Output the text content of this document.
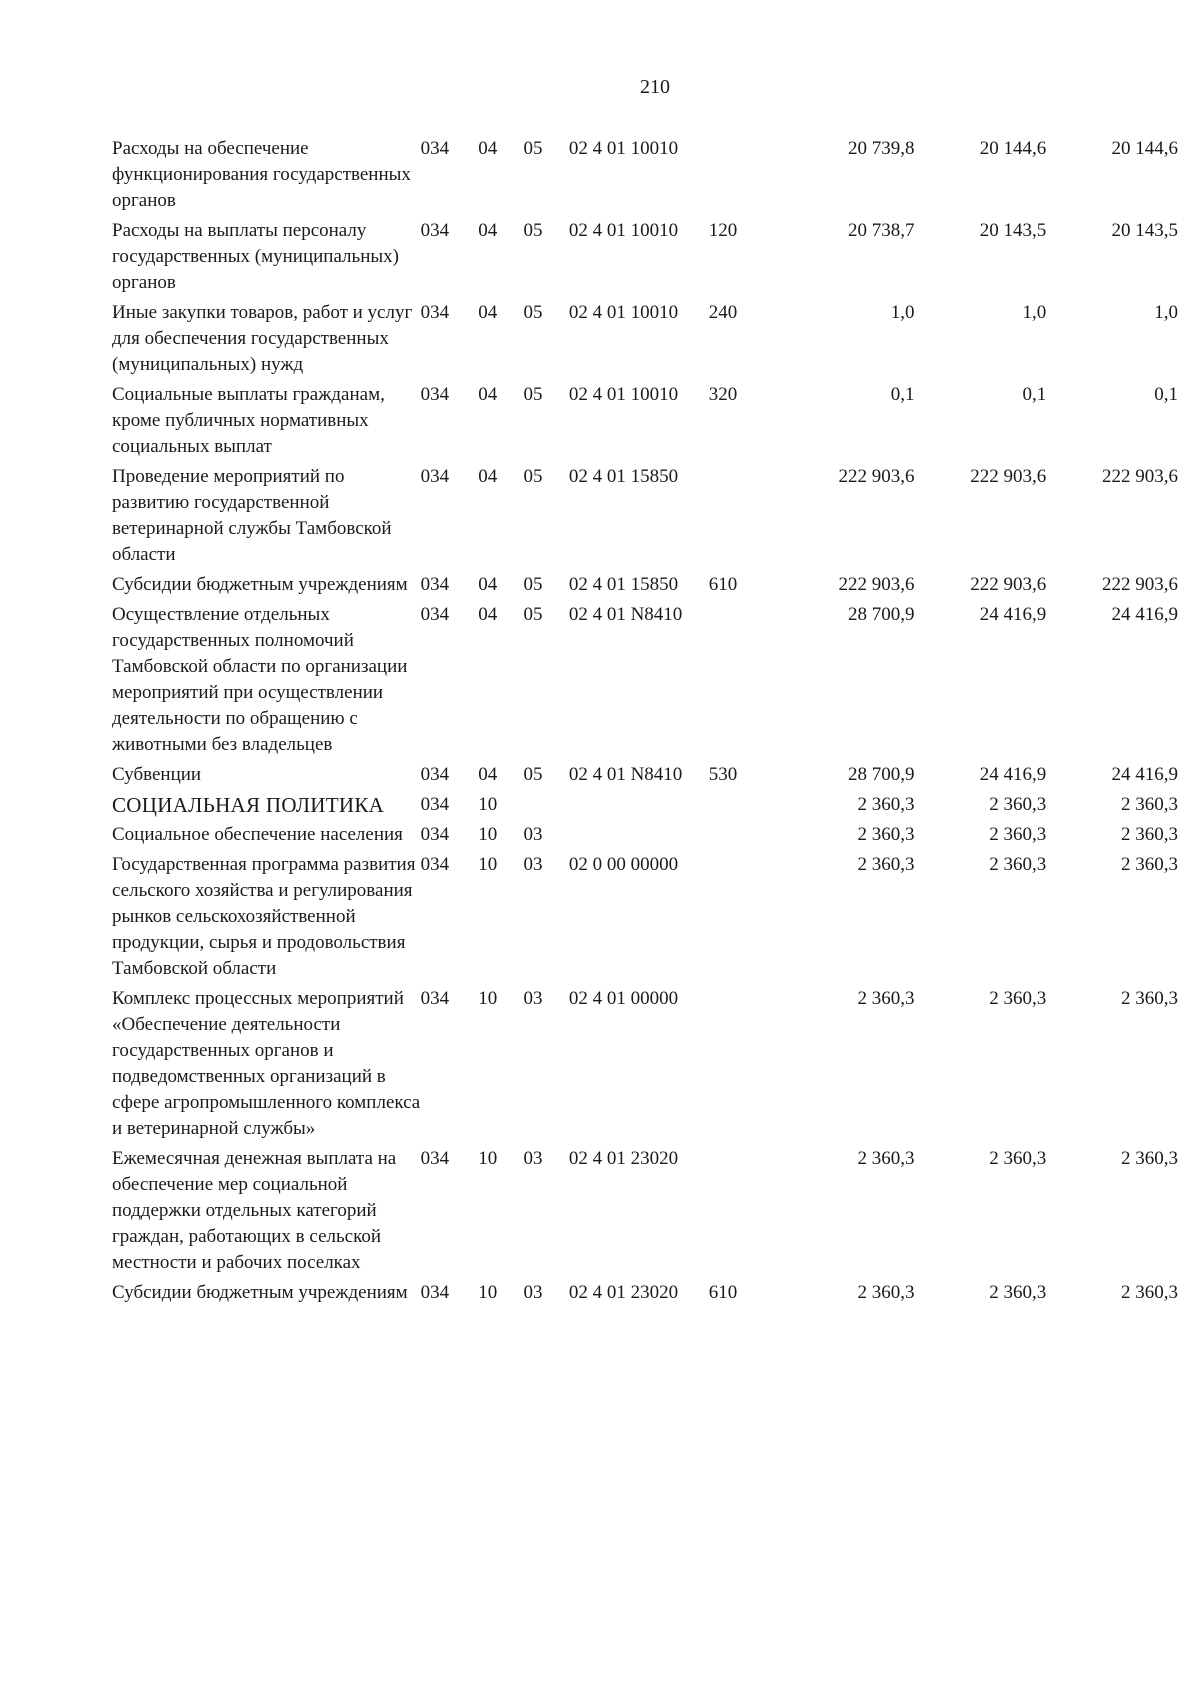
210
Расходы на обеспечение функционирования государственных органов	034	04	05	02 4 01 10010		20 739,8	20 144,6	20 144,6
Расходы на выплаты персоналу государственных (муниципальных) органов	034	04	05	02 4 01 10010	120	20 738,7	20 143,5	20 143,5
Иные закупки товаров, работ и услуг для обеспечения государственных (муниципальных) нужд	034	04	05	02 4 01 10010	240	1,0	1,0	1,0
Социальные выплаты гражданам, кроме публичных нормативных социальных выплат	034	04	05	02 4 01 10010	320	0,1	0,1	0,1
Проведение мероприятий по развитию государственной ветеринарной службы Тамбовской области	034	04	05	02 4 01 15850		222 903,6	222 903,6	222 903,6
Субсидии бюджетным учреждениям	034	04	05	02 4 01 15850	610	222 903,6	222 903,6	222 903,6
Осуществление отдельных государственных полномочий Тамбовской области по организации мероприятий при осуществлении деятельности по обращению с животными без владельцев	034	04	05	02 4 01 N8410		28 700,9	24 416,9	24 416,9
Субвенции	034	04	05	02 4 01 N8410	530	28 700,9	24 416,9	24 416,9
СОЦИАЛЬНАЯ ПОЛИТИКА	034	10				2 360,3	2 360,3	2 360,3
Социальное обеспечение населения	034	10	03			2 360,3	2 360,3	2 360,3
Государственная программа развития сельского хозяйства и регулирования рынков сельскохозяйственной продукции, сырья и продовольствия Тамбовской области	034	10	03	02 0 00 00000		2 360,3	2 360,3	2 360,3
Комплекс процессных мероприятий «Обеспечение деятельности государственных органов и подведомственных организаций в сфере агропромышленного комплекса и ветеринарной службы»	034	10	03	02 4 01 00000		2 360,3	2 360,3	2 360,3
Ежемесячная денежная выплата на обеспечение мер социальной поддержки отдельных категорий граждан, работающих в сельской местности и рабочих поселках	034	10	03	02 4 01 23020		2 360,3	2 360,3	2 360,3
Субсидии бюджетным учреждениям	034	10	03	02 4 01 23020	610	2 360,3	2 360,3	2 360,3
